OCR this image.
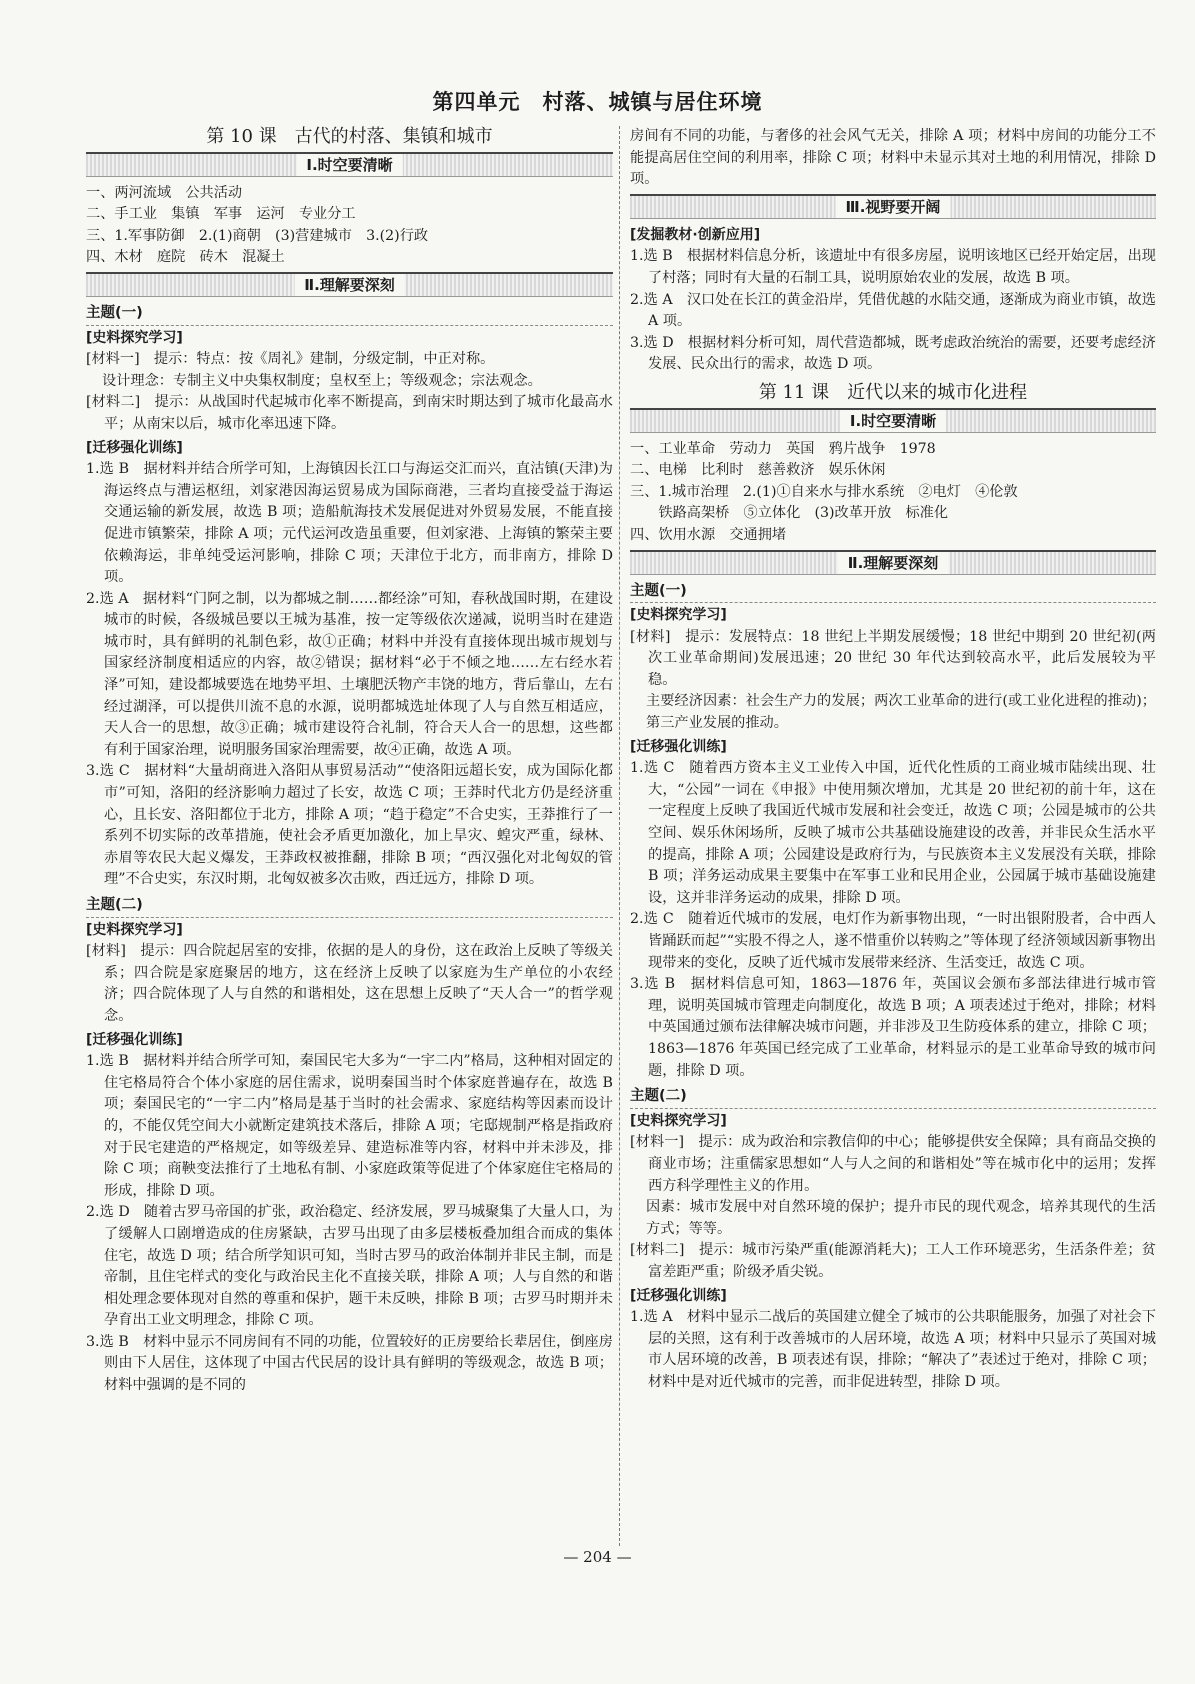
第四单元　村落、城镇与居住环境
第 10 课　古代的村落、集镇和城市
Ⅰ.时空要清晰
一、两河流域　公共活动
二、手工业　集镇　军事　运河　专业分工
三、1.军事防御　2.(1)商朝　(3)营建城市　3.(2)行政
四、木材　庭院　砖木　混凝土
Ⅱ.理解要深刻
主题(一)
[史料探究学习]

[材料一]　提示：特点：按《周礼》建制，分级定制，中正对称。

设计理念：专制主义中央集权制度；皇权至上；等级观念；宗法观念。

[材料二]　提示：从战国时代起城市化率不断提高，到南宋时期达到了城市化最高水平；从南宋以后，城市化率迅速下降。

[迁移强化训练]

1.选 B　据材料并结合所学可知，上海镇因长江口与海运交汇而兴，直沽镇(天津)为海运终点与漕运枢纽，刘家港因海运贸易成为国际商港，三者均直接受益于海运交通运输的新发展，故选 B 项；造船航海技术发展促进对外贸易发展，不能直接促进市镇繁荣，排除 A 项；元代运河改造虽重要，但刘家港、上海镇的繁荣主要依赖海运，非单纯受运河影响，排除 C 项；天津位于北方，而非南方，排除 D 项。

2.选 A　据材料“门阿之制，以为都城之制……都经涂”可知，春秋战国时期，在建设城市的时候，各级城邑要以王城为基准，按一定等级依次递减，说明当时在建造城市时，具有鲜明的礼制色彩，故①正确；材料中并没有直接体现出城市规划与国家经济制度相适应的内容，故②错误；据材料“必于不倾之地……左右经水若泽”可知，建设都城要选在地势平坦、土壤肥沃物产丰饶的地方，背后靠山，左右经过湖泽，可以提供川流不息的水源，说明都城选址体现了人与自然互相适应，天人合一的思想，故③正确；城市建设符合礼制，符合天人合一的思想，这些都有利于国家治理，说明服务国家治理需要，故④正确，故选 A 项。

3.选 C　据材料“大量胡商进入洛阳从事贸易活动”“使洛阳远超长安，成为国际化都市”可知，洛阳的经济影响力超过了长安，故选 C 项；王莽时代北方仍是经济重心，且长安、洛阳都位于北方，排除 A 项；“趋于稳定”不合史实，王莽推行了一系列不切实际的改革措施，使社会矛盾更加激化，加上旱灾、蝗灾严重，绿林、赤眉等农民大起义爆发，王莽政权被推翻，排除 B 项；“西汉强化对北匈奴的管理”不合史实，东汉时期，北匈奴被多次击败，西迁远方，排除 D 项。

主题(二)
[史料探究学习]

[材料]　提示：四合院起居室的安排，依据的是人的身份，这在政治上反映了等级关系；四合院是家庭聚居的地方，这在经济上反映了以家庭为生产单位的小农经济；四合院体现了人与自然的和谐相处，这在思想上反映了“天人合一”的哲学观念。

[迁移强化训练]

1.选 B　据材料并结合所学可知，秦国民宅大多为“一宇二内”格局，这种相对固定的住宅格局符合个体小家庭的居住需求，说明秦国当时个体家庭普遍存在，故选 B 项；秦国民宅的“一宇二内”格局是基于当时的社会需求、家庭结构等因素而设计的，不能仅凭空间大小就断定建筑技术落后，排除 A 项；宅邸规制严格是指政府对于民宅建造的严格规定，如等级差异、建造标准等内容，材料中并未涉及，排除 C 项；商鞅变法推行了土地私有制、小家庭政策等促进了个体家庭住宅格局的形成，排除 D 项。

2.选 D　随着古罗马帝国的扩张，政治稳定、经济发展，罗马城聚集了大量人口，为了缓解人口剧增造成的住房紧缺，古罗马出现了由多层楼板叠加组合而成的集体住宅，故选 D 项；结合所学知识可知，当时古罗马的政治体制并非民主制，而是帝制，且住宅样式的变化与政治民主化不直接关联，排除 A 项；人与自然的和谐相处理念要体现对自然的尊重和保护，题干未反映，排除 B 项；古罗马时期并未孕育出工业文明理念，排除 C 项。

3.选 B　材料中显示不同房间有不同的功能，位置较好的正房要给长辈居住，倒座房则由下人居住，这体现了中国古代民居的设计具有鲜明的等级观念，故选 B 项；材料中强调的是不同的

房间有不同的功能，与奢侈的社会风气无关，排除 A 项；材料中房间的功能分工不能提高居住空间的利用率，排除 C 项；材料中未显示其对土地的利用情况，排除 D 项。

Ⅲ.视野要开阔
[发掘教材·创新应用]

1.选 B　根据材料信息分析，该遗址中有很多房屋，说明该地区已经开始定居，出现了村落；同时有大量的石制工具，说明原始农业的发展，故选 B 项。

2.选 A　汉口处在长江的黄金沿岸，凭借优越的水陆交通，逐渐成为商业市镇，故选 A 项。

3.选 D　根据材料分析可知，周代营造都城，既考虑政治统治的需要，还要考虑经济发展、民众出行的需求，故选 D 项。

第 11 课　近代以来的城市化进程
Ⅰ.时空要清晰
一、工业革命　劳动力　英国　鸦片战争　1978
二、电梯　比利时　慈善救济　娱乐休闲
三、1.城市治理　2.(1)①自来水与排水系统　②电灯　④伦敦
　　铁路高架桥　⑤立体化　(3)改革开放　标准化
四、饮用水源　交通拥堵
Ⅱ.理解要深刻
主题(一)
[史料探究学习]

[材料]　提示：发展特点：18 世纪上半期发展缓慢；18 世纪中期到 20 世纪初(两次工业革命期间)发展迅速；20 世纪 30 年代达到较高水平，此后发展较为平稳。

主要经济因素：社会生产力的发展；两次工业革命的进行(或工业化进程的推动)；第三产业发展的推动。

[迁移强化训练]

1.选 C　随着西方资本主义工业传入中国，近代化性质的工商业城市陆续出现、壮大，“公园”一词在《申报》中使用频次增加，尤其是 20 世纪初的前十年，这在一定程度上反映了我国近代城市发展和社会变迁，故选 C 项；公园是城市的公共空间、娱乐休闲场所，反映了城市公共基础设施建设的改善，并非民众生活水平的提高，排除 A 项；公园建设是政府行为，与民族资本主义发展没有关联，排除 B 项；洋务运动成果主要集中在军事工业和民用企业，公园属于城市基础设施建设，这并非洋务运动的成果，排除 D 项。

2.选 C　随着近代城市的发展，电灯作为新事物出现，“一时出银附股者，合中西人皆踊跃而起”“实股不得之人，遂不惜重价以转购之”等体现了经济领域因新事物出现带来的变化，反映了近代城市发展带来经济、生活变迁，故选 C 项。

3.选 B　据材料信息可知，1863—1876 年，英国议会颁布多部法律进行城市管理，说明英国城市管理走向制度化，故选 B 项；A 项表述过于绝对，排除；材料中英国通过颁布法律解决城市问题，并非涉及卫生防疫体系的建立，排除 C 项；1863—1876 年英国已经完成了工业革命，材料显示的是工业革命导致的城市问题，排除 D 项。

主题(二)
[史料探究学习]

[材料一]　提示：成为政治和宗教信仰的中心；能够提供安全保障；具有商品交换的商业市场；注重儒家思想如“人与人之间的和谐相处”等在城市化中的运用；发挥西方科学理性主义的作用。

因素：城市发展中对自然环境的保护；提升市民的现代观念，培养其现代的生活方式；等等。

[材料二]　提示：城市污染严重(能源消耗大)；工人工作环境恶劣，生活条件差；贫富差距严重；阶级矛盾尖锐。

[迁移强化训练]

1.选 A　材料中显示二战后的英国建立健全了城市的公共职能服务，加强了对社会下层的关照，这有利于改善城市的人居环境，故选 A 项；材料中只显示了英国对城市人居环境的改善，B 项表述有误，排除；“解决了”表述过于绝对，排除 C 项；材料中是对近代城市的完善，而非促进转型，排除 D 项。

— 204 —
